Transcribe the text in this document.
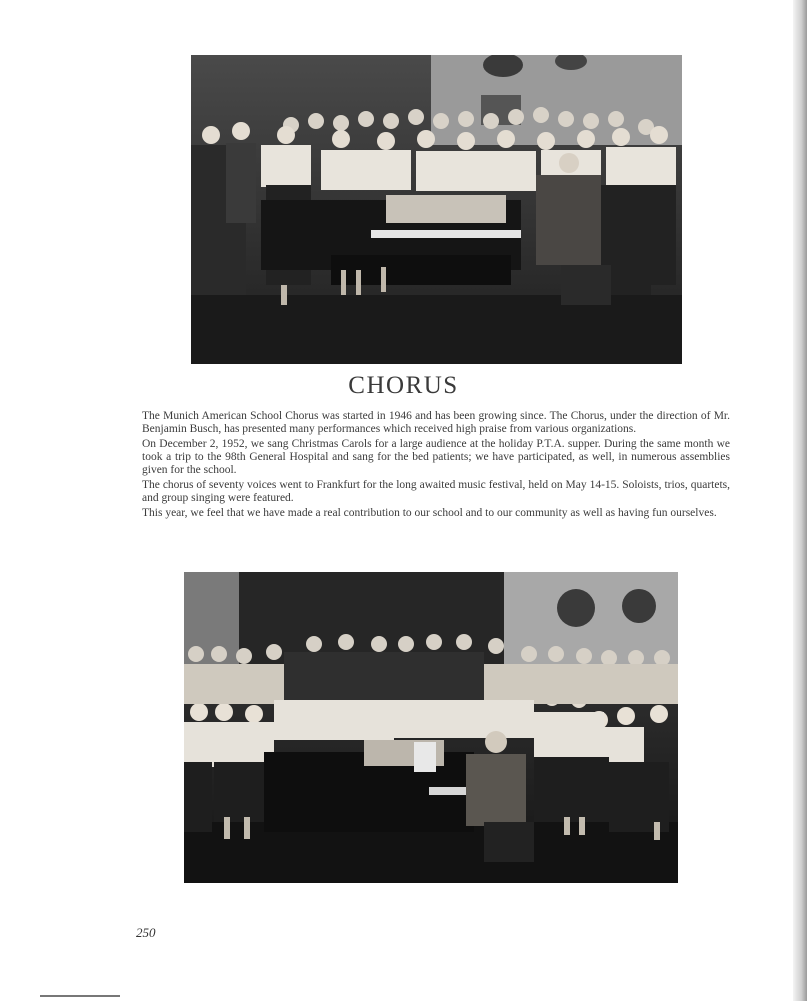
CHORUS

The Munich American School Chorus was started in 1946 and has been growing since. The Chorus, under the direction of Mr. Benjamin Busch, has presented many performances which received high praise from various organizations.

On December 2, 1952, we sang Christmas Carols for a large audience at the holiday P.T.A. supper. During the same month we took a trip to the 98th General Hospital and sang for the bed patients; we have participated, as well, in numerous assemblies given for the school.

The chorus of seventy voices went to Frankfurt for the long awaited music festival, held on May 14-15. Soloists, trios, quartets, and group singing were featured.

This year, we feel that we have made a real contribution to our school and to our community as well as having fun ourselves.

250
